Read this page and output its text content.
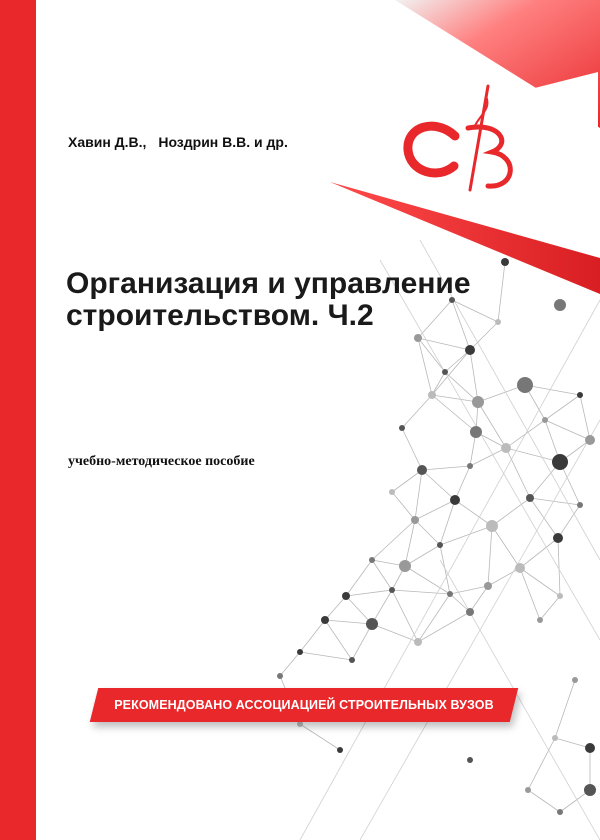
Хавин Д.В., Ноздрин В.В. и др.
Организация и управление
строительством. Ч.2
учебно-методическое пособие
РЕКОМЕНДОВАНО АССОЦИАЦИЕЙ СТРОИТЕЛЬНЫХ ВУЗОВ
